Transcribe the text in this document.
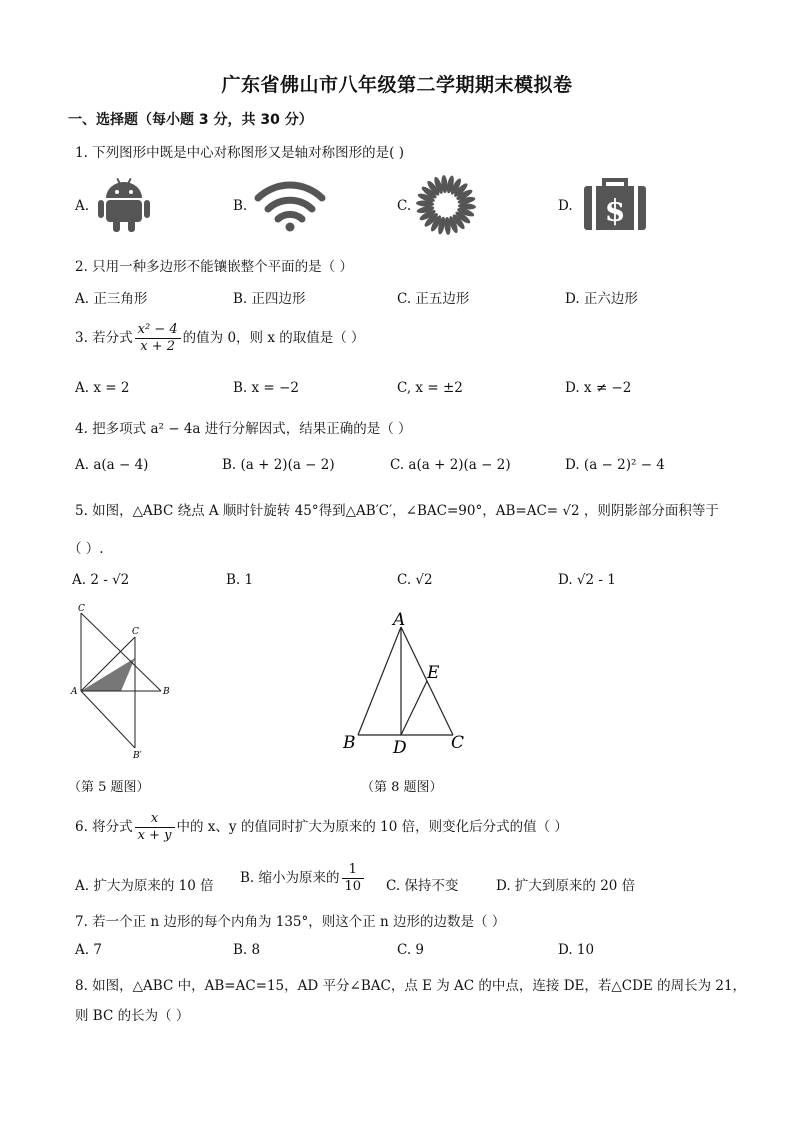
广东省佛山市八年级第二学期期末模拟卷
一、选择题（每小题 3 分，共 30 分）
1. 下列图形中既是中心对称图形又是轴对称图形的是( )
A.	B.	C.	D. $
2. 只用一种多边形不能镶嵌整个平面的是（ ）
A. 正三角形	B. 正四边形	C. 正五边形	D. 正六边形
3. 若分式 $\frac{\text{x² − 4}}{x + 2}$ 的值为 0，则 x 的取值是（ ）
A. x = 2	B. x = −2	C, x = ±2	D. x ≠ −2
4. 把多项式 a² − 4a 进行分解因式，结果正确的是（ ）
A. a(a − 4)	B. (a + 2)(a − 2)	C. a(a + 2)(a − 2)	D. (a − 2)² − 4
5. 如图，△ABC 绕点 A 顺时针旋转 45°得到△AB′C′，∠BAC=90°，AB=AC= √2 ，则阴影部分面积等于
（ ）.
A. 2 - √2	B. 1	C. √2	D. √2 - 1
C
C
A	B
B′
（第 5 题图）
A
B	C
D
E
（第 8 题图）
6. 将分式 $\frac{x}{x + y}$ 中的 x、y 的值同时扩大为原来的 10 倍，则变化后分式的值（ ）
A. 扩大为原来的 10 倍 B. 缩小为原来的 $\frac{1}{10} C$. 保持不变	D. 扩大到原来的 20 倍
7. 若一个正 n 边形的每个内角为 135°，则这个正 n 边形的边数是（ ）
A. 7	B. 8	C. 9	D. 10
8. 如图，△ABC 中，AB=AC=15，AD 平分∠BAC，点 E 为 AC 的中点，连接 DE，若△CDE 的周长为 21，
则 BC 的长为（ ）
